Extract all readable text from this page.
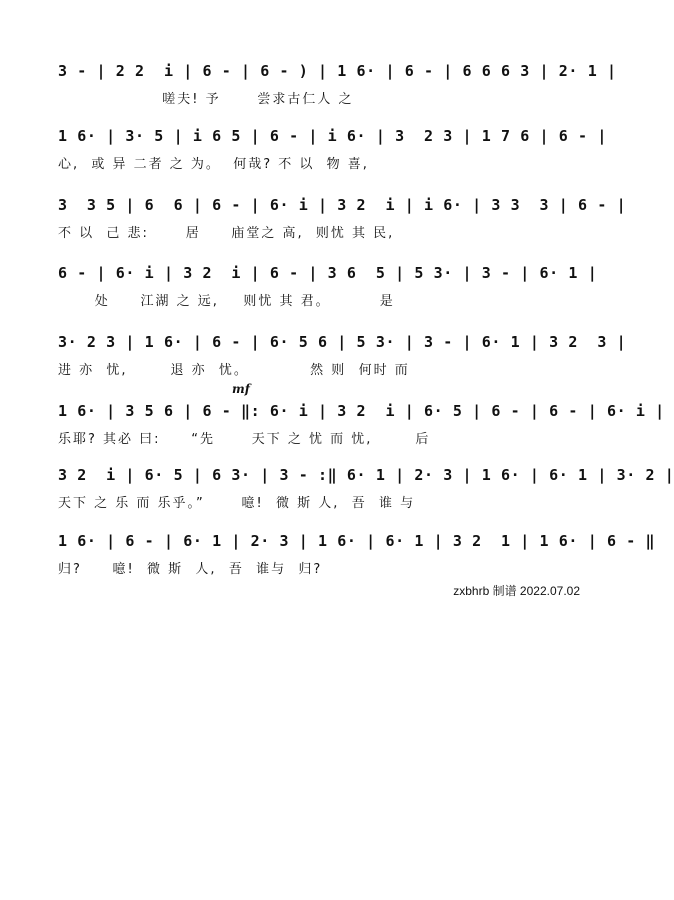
3 - | 2 2  i | 6 - | 6 - ) | 1 6· | 6 - | 6 6 6 3 | 2· 1 |
嗟夫! 予      尝求古仁人 之
1 6· | 3· 5 | i 6 5 | 6 - | i 6· | 3  2 3 | 1 7 6 | 6 - |
心,  或 异 二者 之 为。  何哉? 不 以  物 喜,
3  3 5 | 6  6 | 6 - | 6· i | 3 2  i | i 6· | 3 3  3 | 6 - |
不 以  己 悲:      居     庙堂之 高,  则忧 其 民,
6 - | 6· i | 3 2  i | 6 - | 3 6  5 | 5 3· | 3 - | 6· 1 |
处     江湖 之 远,    则忧 其 君。        是
3· 2 3 | 1 6· | 6 - | 6· 5 6 | 5 3· | 3 - | 6· 1 | 3 2  3 |
进 亦  忧,       退 亦  忧。          然 则  何时 而
mf
1 6· | 3 5 6 | 6 - ‖: 6· i | 3 2  i | 6· 5 | 6 - | 6 - | 6· i |
乐耶? 其必 曰:     “先      天下 之 忧 而 忧,       后
3 2  i | 6· 5 | 6 3· | 3 - :‖ 6· 1 | 2· 3 | 1 6· | 6· 1 | 3· 2 |
天下 之 乐 而 乐乎。”      噫!  微 斯 人,  吾  谁 与
1 6· | 6 - | 6· 1 | 2· 3 | 1 6· | 6· 1 | 3 2  1 | 1 6· | 6 - ‖
归?     噫!  微 斯  人,  吾  谁与  归?
zxbhrb 制谱 2022.07.02
